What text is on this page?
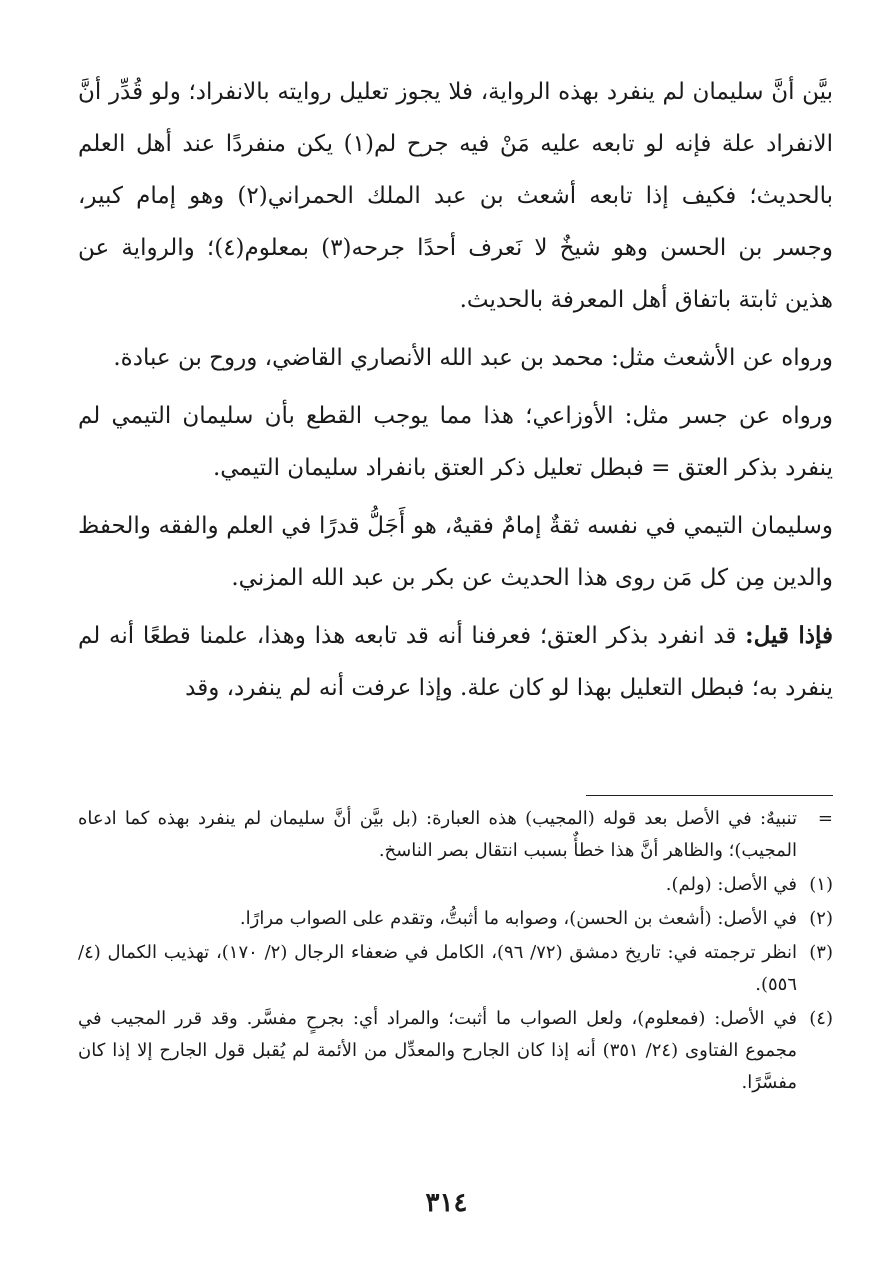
بيَّن أنَّ سليمان لم ينفرد بهذه الرواية، فلا يجوز تعليل روايته بالانفراد؛ ولو قُدِّر أنَّ الانفراد علة فإنه لو تابعه عليه مَنْ فيه جرح لم(١) يكن منفردًا عند أهل العلم بالحديث؛ فكيف إذا تابعه أشعث بن عبد الملك الحمراني(٢) وهو إمام كبير، وجسر بن الحسن وهو شيخٌ لا نَعرف أحدًا جرحه(٣) بمعلوم(٤)؛ والرواية عن هذين ثابتة باتفاق أهل المعرفة بالحديث.

ورواه عن الأشعث مثل: محمد بن عبد الله الأنصاري القاضي، وروح بن عبادة.

ورواه عن جسر مثل: الأوزاعي؛ هذا مما يوجب القطع بأن سليمان التيمي لم ينفرد بذكر العتق = فبطل تعليل ذكر العتق بانفراد سليمان التيمي.

وسليمان التيمي في نفسه ثقةٌ إمامٌ فقيهٌ، هو أَجَلُّ قدرًا في العلم والفقه والحفظ والدين مِن كل مَن روى هذا الحديث عن بكر بن عبد الله المزني.

فإذا قيل: قد انفرد بذكر العتق؛ فعرفنا أنه قد تابعه هذا وهذا، علمنا قطعًا أنه لم ينفرد به؛ فبطل التعليل بهذا لو كان علة. وإذا عرفت أنه لم ينفرد، وقد

=
تنبيهٌ: في الأصل بعد قوله (المجيب) هذه العبارة: (بل بيَّن أنَّ سليمان لم ينفرد بهذه كما ادعاه المجيب)؛ والظاهر أنَّ هذا خطأٌ بسبب انتقال بصر الناسخ.
(١)
في الأصل: (ولم).
(٢)
في الأصل: (أشعث بن الحسن)، وصوابه ما أثبتُّ، وتقدم على الصواب مرارًا.
(٣)
انظر ترجمته في: تاريخ دمشق (٧٢/ ٩٦)، الكامل في ضعفاء الرجال (٢/ ١٧٠)، تهذيب الكمال (٤/ ٥٥٦).
(٤)
في الأصل: (فمعلوم)، ولعل الصواب ما أثبت؛ والمراد أي: بجرحٍ مفسَّر. وقد قرر المجيب في مجموع الفتاوى (٢٤/ ٣٥١) أنه إذا كان الجارح والمعدِّل من الأئمة لم يُقبل قول الجارح إلا إذا كان مفسَّرًا.
٣١٤
